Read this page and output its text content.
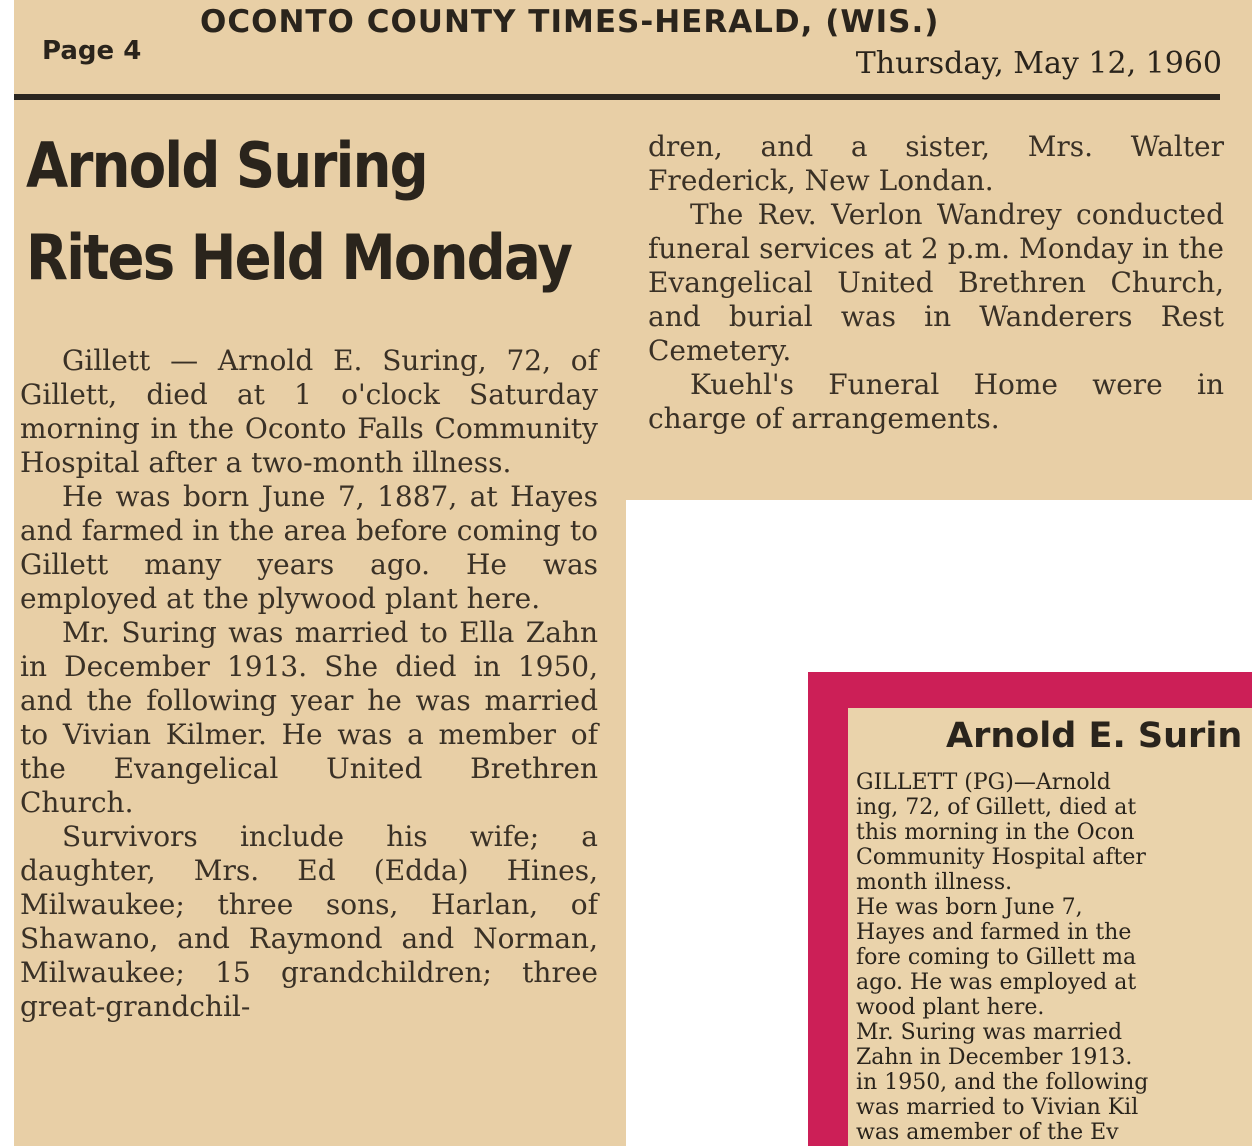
Page 4
OCONTO COUNTY TIMES-HERALD, (WIS.)
Thursday, May 12, 1960
Arnold Suring
Rites Held Monday

Gillett — Arnold E. Suring, 72, of Gillett, died at 1 o'clock Saturday morning in the Oconto Falls Community Hospital after a two-month illness.

He was born June 7, 1887, at Hayes and farmed in the area before coming to Gillett many years ago. He was employed at the plywood plant here.

Mr. Suring was married to Ella Zahn in December 1913. She died in 1950, and the following year he was married to Vivian Kilmer. He was a member of the Evangelical United Brethren Church.

Survivors include his wife; a daughter, Mrs. Ed (Edda) Hines, Milwaukee; three sons, Harlan, of Shawano, and Raymond and Norman, Milwaukee; 15 grandchildren; three great-grandchil-

dren, and a sister, Mrs. Walter Frederick, New Londan.

The Rev. Verlon Wandrey conducted funeral services at 2 p.m. Monday in the Evangelical United Brethren Church, and burial was in Wanderers Rest Cemetery.

Kuehl's Funeral Home were in charge of arrangements.

Arnold E. Surin
GILLETT (PG)—Arnold
ing, 72, of Gillett, died at
this morning in the Ocon
Community Hospital after
month illness.
He was born June 7,
Hayes and farmed in the
fore coming to Gillett ma
ago. He was employed at
wood plant here.
Mr. Suring was married
Zahn in December 1913.
in 1950, and the following
was married to Vivian Kil
was amember of the Ev
